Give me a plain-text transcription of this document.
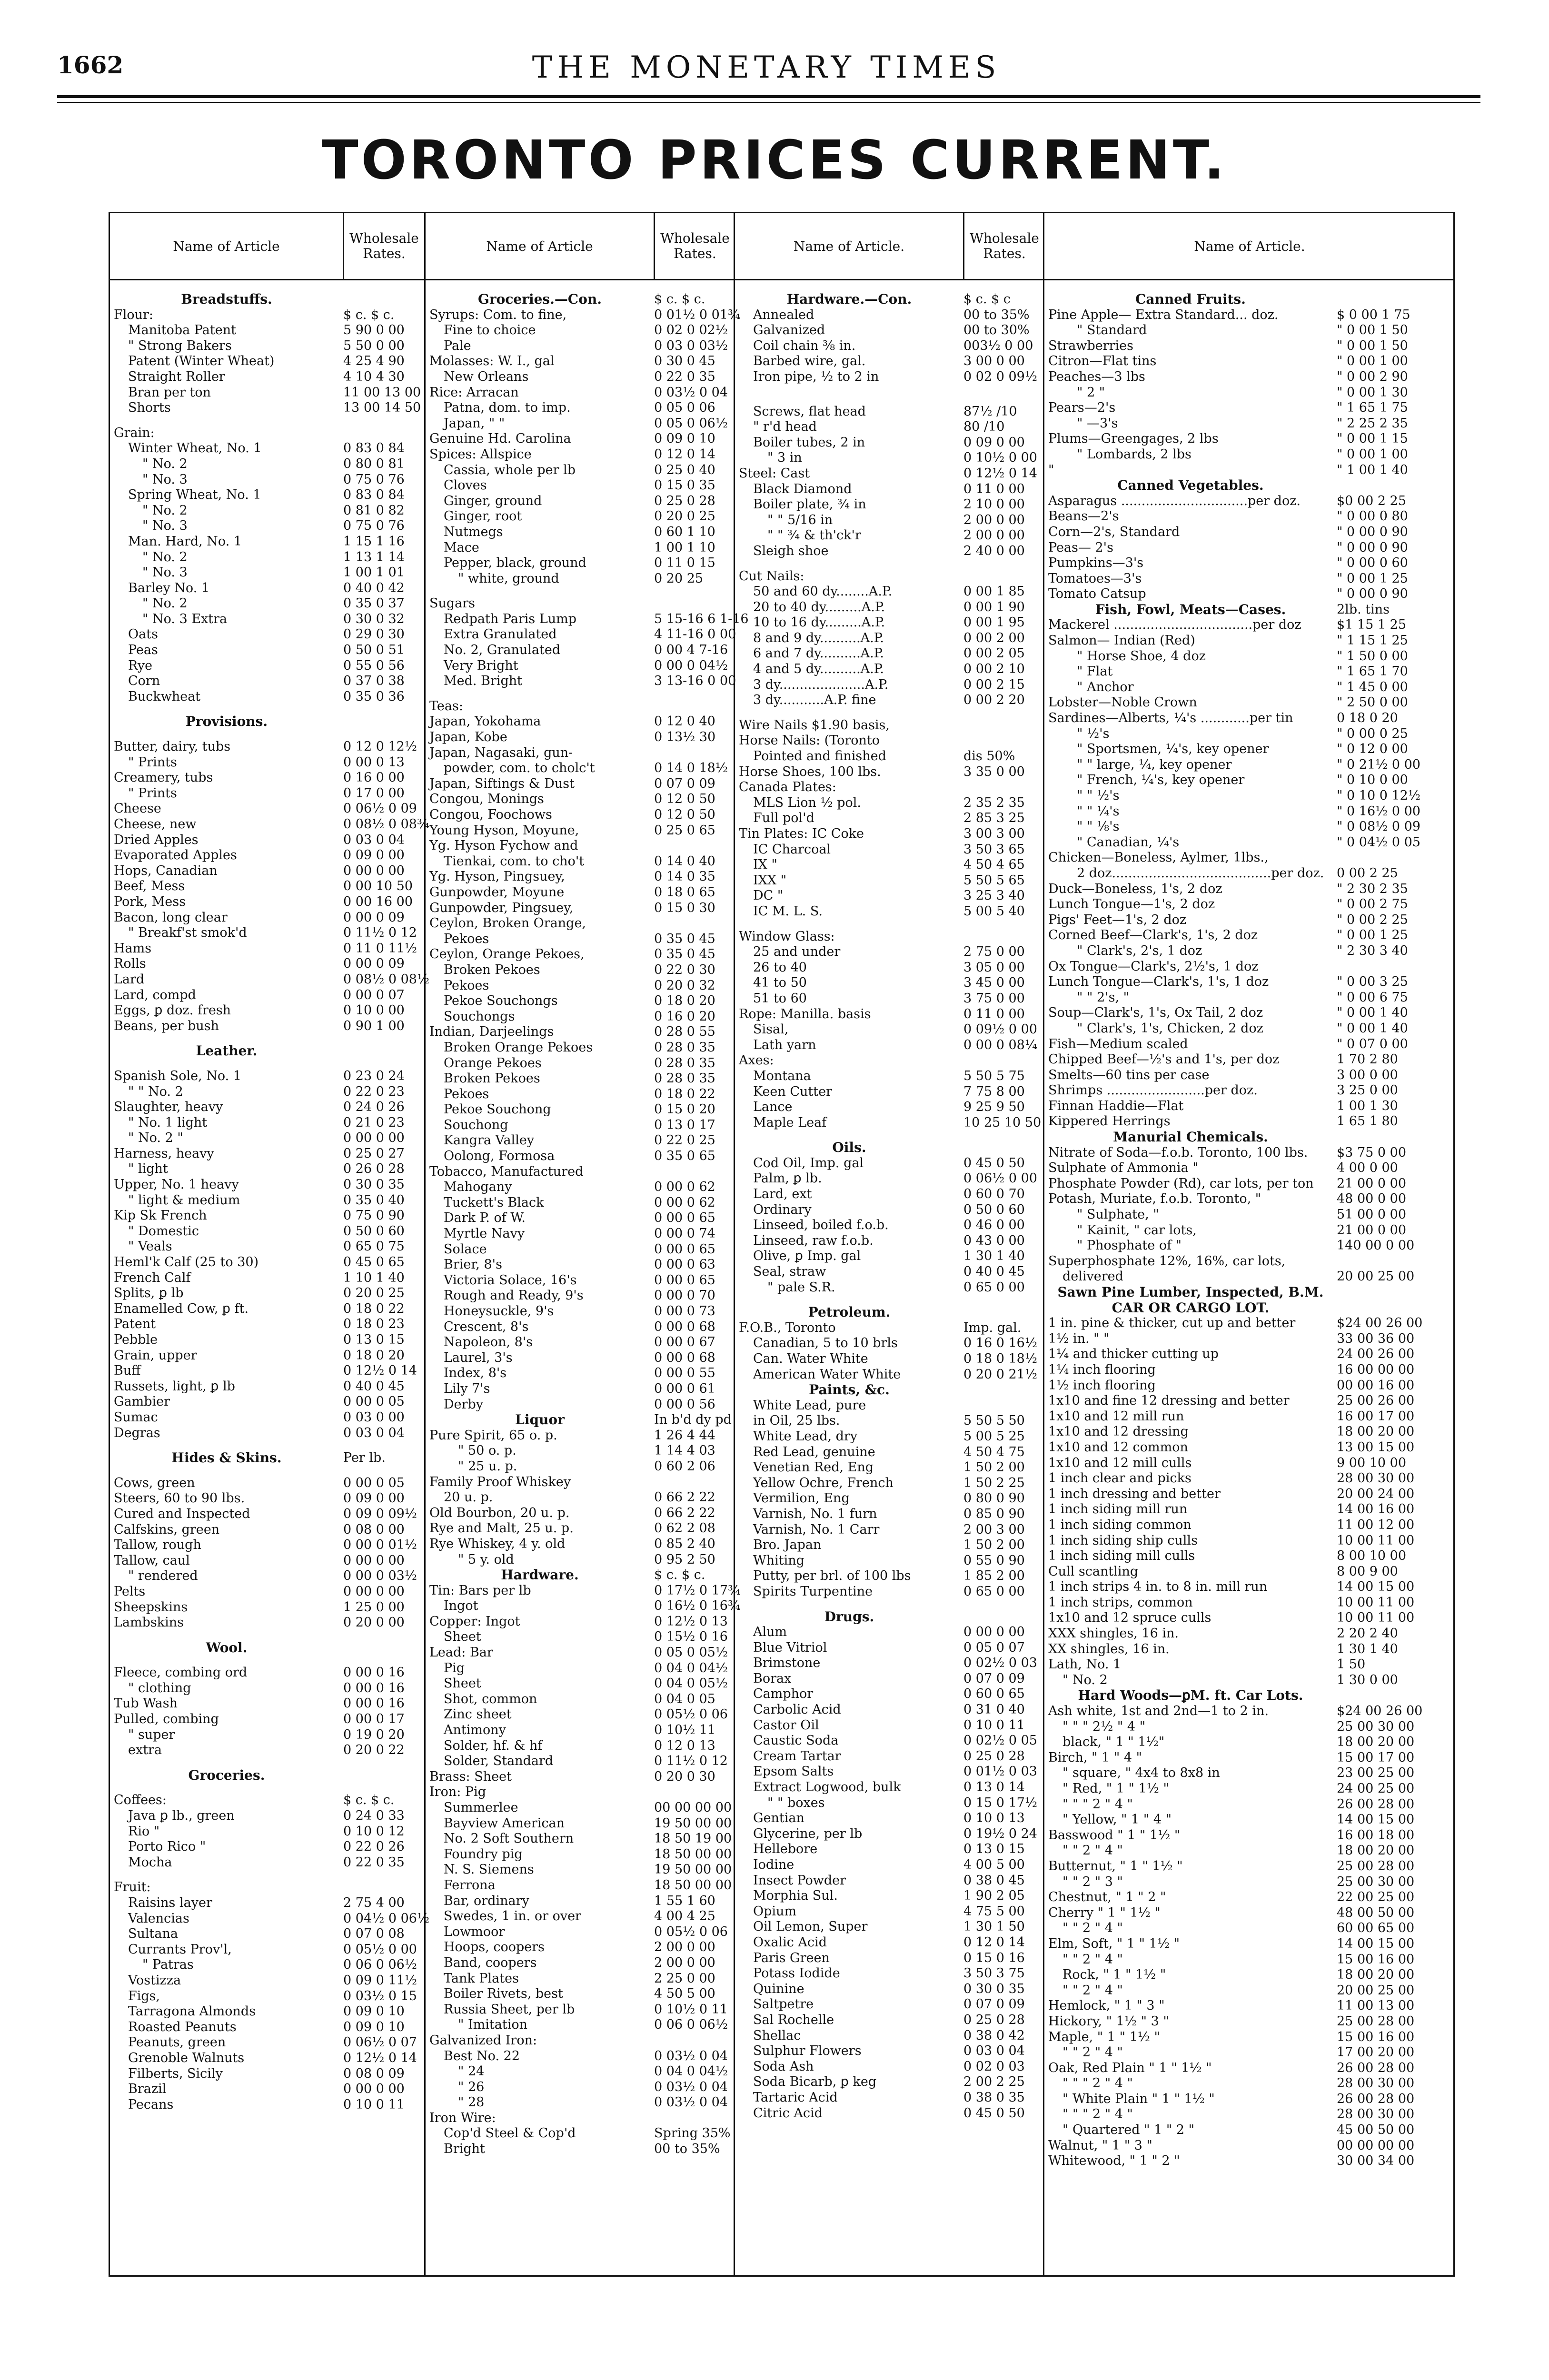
1662	THE MONETARY TIMES
TORONTO PRICES CURRENT.
Name of Article	Wholesale
Rates.
Breadstuffs.
Flour:	$ c. $ c.
Manitoba Patent	5 90 0 00
" Strong Bakers	5 50 0 00
Patent (Winter Wheat)	4 25 4 90
Straight Roller	4 10 4 30
Bran per ton	11 00 13 00
Shorts	13 00 14 50
Grain:
Winter Wheat, No. 1	0 83 0 84
" No. 2	0 80 0 81
" No. 3	0 75 0 76
Spring Wheat, No. 1	0 83 0 84
" No. 2	0 81 0 82
" No. 3	0 75 0 76
Man. Hard, No. 1	1 15 1 16
" No. 2	1 13 1 14
" No. 3	1 00 1 01
Barley No. 1	0 40 0 42
" No. 2	0 35 0 37
" No. 3 Extra	0 30 0 32
Oats	0 29 0 30
Peas	0 50 0 51
Rye	0 55 0 56
Corn	0 37 0 38
Buckwheat	0 35 0 36
Provisions.
Butter, dairy, tubs	0 12 0 12½
" Prints	0 00 0 13
Creamery, tubs	0 16 0 00
" Prints	0 17 0 00
Cheese	0 06½ 0 09
Cheese, new	0 08½ 0 08¾
Dried Apples	0 03 0 04
Evaporated Apples	0 09 0 00
Hops, Canadian	0 00 0 00
Beef, Mess	0 00 10 50
Pork, Mess	0 00 16 00
Bacon, long clear	0 00 0 09
" Breakf'st smok'd	0 11½ 0 12
Hams	0 11 0 11½
Rolls	0 00 0 09
Lard	0 08½ 0 08½
Lard, compd	0 00 0 07
Eggs, ꝑ doz. fresh	0 10 0 00
Beans, per bush	0 90 1 00
Leather.
Spanish Sole, No. 1	0 23 0 24
" " No. 2	0 22 0 23
Slaughter, heavy	0 24 0 26
" No. 1 light	0 21 0 23
" No. 2 "	0 00 0 00
Harness, heavy	0 25 0 27
" light	0 26 0 28
Upper, No. 1 heavy	0 30 0 35
" light & medium	0 35 0 40
Kip Sk French	0 75 0 90
" Domestic	0 50 0 60
" Veals	0 65 0 75
Heml'k Calf (25 to 30)	0 45 0 65
French Calf	1 10 1 40
Splits, ꝑ lb	0 20 0 25
Enamelled Cow, ꝑ ft.	0 18 0 22
Patent	0 18 0 23
Pebble	0 13 0 15
Grain, upper	0 18 0 20
Buff	0 12½ 0 14
Russets, light, ꝑ lb	0 40 0 45
Gambier	0 00 0 05
Sumac	0 03 0 00
Degras	0 03 0 04
Hides & Skins.	Per lb.
Cows, green	0 00 0 05
Steers, 60 to 90 lbs.	0 09 0 00
Cured and Inspected	0 09 0 09½
Calfskins, green	0 08 0 00
Tallow, rough	0 00 0 01½
Tallow, caul	0 00 0 00
" rendered	0 00 0 03½
Pelts	0 00 0 00
Sheepskins	1 25 0 00
Lambskins	0 20 0 00
Wool.
Fleece, combing ord	0 00 0 16
" clothing	0 00 0 16
Tub Wash	0 00 0 16
Pulled, combing	0 00 0 17
" super	0 19 0 20
extra	0 20 0 22
Groceries.
Coffees:	$ c. $ c.
Java ꝑ lb., green	0 24 0 33
Rio "	0 10 0 12
Porto Rico "	0 22 0 26
Mocha	0 22 0 35
Fruit:
Raisins layer	2 75 4 00
Valencias	0 04½ 0 06½
Sultana	0 07 0 08
Currants Prov'l,	0 05½ 0 00
" Patras	0 06 0 06½
Vostizza	0 09 0 11½
Figs,	0 03½ 0 15
Tarragona Almonds	0 09 0 10
Roasted Peanuts	0 09 0 10
Peanuts, green	0 06½ 0 07
Grenoble Walnuts	0 12½ 0 14
Filberts, Sicily	0 08 0 09
Brazil	0 00 0 00
Pecans	0 10 0 11
Name of Article	Wholesale
Rates.
Groceries.—Con.	$ c. $ c.
Syrups: Com. to fine,	0 01½ 0 01¾
Fine to choice	0 02 0 02½
Pale	0 03 0 03½
Molasses: W. I., gal	0 30 0 45
New Orleans	0 22 0 35
Rice: Arracan	0 03½ 0 04
Patna, dom. to imp.	0 05 0 06
Japan, " "	0 05 0 06½
Genuine Hd. Carolina	0 09 0 10
Spices: Allspice	0 12 0 14
Cassia, whole per lb	0 25 0 40
Cloves	0 15 0 35
Ginger, ground	0 25 0 28
Ginger, root	0 20 0 25
Nutmegs	0 60 1 10
Mace	1 00 1 10
Pepper, black, ground	0 11 0 15
" white, ground	0 20 25
Sugars
Redpath Paris Lump	5 15-16 6 1-16
Extra Granulated	4 11-16 0 00
No. 2, Granulated	0 00 4 7-16
Very Bright	0 00 0 04½
Med. Bright	3 13-16 0 00
Teas:
Japan, Yokohama	0 12 0 40
Japan, Kobe	0 13½ 30
Japan, Nagasaki, gun-
powder, com. to cholc't	0 14 0 18½
Japan, Siftings & Dust	0 07 0 09
Congou, Monings	0 12 0 50
Congou, Foochows	0 12 0 50
Young Hyson, Moyune,	0 25 0 65
Yg. Hyson Fychow and
Tienkai, com. to cho't	0 14 0 40
Yg. Hyson, Pingsuey,	0 14 0 35
Gunpowder, Moyune	0 18 0 65
Gunpowder, Pingsuey,	0 15 0 30
Ceylon, Broken Orange,
Pekoes	0 35 0 45
Ceylon, Orange Pekoes,	0 35 0 45
Broken Pekoes	0 22 0 30
Pekoes	0 20 0 32
Pekoe Souchongs	0 18 0 20
Souchongs	0 16 0 20
Indian, Darjeelings	0 28 0 55
Broken Orange Pekoes	0 28 0 35
Orange Pekoes	0 28 0 35
Broken Pekoes	0 28 0 35
Pekoes	0 18 0 22
Pekoe Souchong	0 15 0 20
Souchong	0 13 0 17
Kangra Valley	0 22 0 25
Oolong, Formosa	0 35 0 65
Tobacco, Manufactured
Mahogany	0 00 0 62
Tuckett's Black	0 00 0 62
Dark P. of W.	0 00 0 65
Myrtle Navy	0 00 0 74
Solace	0 00 0 65
Brier, 8's	0 00 0 63
Victoria Solace, 16's	0 00 0 65
Rough and Ready, 9's	0 00 0 70
Honeysuckle, 9's	0 00 0 73
Crescent, 8's	0 00 0 68
Napoleon, 8's	0 00 0 67
Laurel, 3's	0 00 0 68
Index, 8's	0 00 0 55
Lily 7's	0 00 0 61
Derby	0 00 0 56
Liquor	In b'd dy pd
Pure Spirit, 65 o. p.	1 26 4 44
" 50 o. p.	1 14 4 03
" 25 u. p.	0 60 2 06
Family Proof Whiskey
20 u. p.	0 66 2 22
Old Bourbon, 20 u. p.	0 66 2 22
Rye and Malt, 25 u. p.	0 62 2 08
Rye Whiskey, 4 y. old	0 85 2 40
" 5 y. old	0 95 2 50
Hardware.	$ c. $ c.
Tin: Bars per lb	0 17½ 0 17¾
Ingot	0 16½ 0 16¾
Copper: Ingot	0 12½ 0 13
Sheet	0 15½ 0 16
Lead: Bar	0 05 0 05½
Pig	0 04 0 04½
Sheet	0 04 0 05½
Shot, common	0 04 0 05
Zinc sheet	0 05½ 0 06
Antimony	0 10½ 11
Solder, hf. & hf	0 12 0 13
Solder, Standard	0 11½ 0 12
Brass: Sheet	0 20 0 30
Iron: Pig
Summerlee	00 00 00 00
Bayview American	19 50 00 00
No. 2 Soft Southern	18 50 19 00
Foundry pig	18 50 00 00
N. S. Siemens	19 50 00 00
Ferrona	18 50 00 00
Bar, ordinary	1 55 1 60
Swedes, 1 in. or over	4 00 4 25
Lowmoor	0 05½ 0 06
Hoops, coopers	2 00 0 00
Band, coopers	2 00 0 00
Tank Plates	2 25 0 00
Boiler Rivets, best	4 50 5 00
Russia Sheet, per lb	0 10½ 0 11
" Imitation	0 06 0 06½
Galvanized Iron:
Best No. 22	0 03½ 0 04
" 24	0 04 0 04½
" 26	0 03½ 0 04
" 28	0 03½ 0 04
Iron Wire:
Cop'd Steel & Cop'd	Spring 35%
Bright	00 to 35%
Name of Article.	Wholesale
Rates.
Hardware.—Con.	$ c. $ c
Annealed	00 to 35%
Galvanized	00 to 30%
Coil chain ⅜ in.	003½ 0 00
Barbed wire, gal.	3 00 0 00
Iron pipe, ½ to 2 in	0 02 0 09½
Screws, flat head	87½ /10
" r'd head	80 /10
Boiler tubes, 2 in	0 09 0 00
" 3 in	0 10½ 0 00
Steel: Cast	0 12½ 0 14
Black Diamond	0 11 0 00
Boiler plate, ¾ in	2 10 0 00
" " 5/16 in	2 00 0 00
" " ¾ & th'ck'r	2 00 0 00
Sleigh shoe	2 40 0 00
Cut Nails:
50 and 60 dy........A.P.	0 00 1 85
20 to 40 dy.........A.P.	0 00 1 90
10 to 16 dy.........A.P.	0 00 1 95
8 and 9 dy..........A.P.	0 00 2 00
6 and 7 dy..........A.P.	0 00 2 05
4 and 5 dy..........A.P.	0 00 2 10
3 dy.....................A.P.	0 00 2 15
3 dy...........A.P. fine	0 00 2 20
Wire Nails $1.90 basis,
Horse Nails: (Toronto
Pointed and finished	dis 50%
Horse Shoes, 100 lbs.	3 35 0 00
Canada Plates:
MLS Lion ½ pol.	2 35 2 35
Full pol'd	2 85 3 25
Tin Plates: IC Coke	3 00 3 00
IC Charcoal	3 50 3 65
IX "	4 50 4 65
IXX "	5 50 5 65
DC "	3 25 3 40
IC M. L. S.	5 00 5 40
Window Glass:
25 and under	2 75 0 00
26 to 40	3 05 0 00
41 to 50	3 45 0 00
51 to 60	3 75 0 00
Rope: Manilla. basis	0 11 0 00
Sisal,	0 09½ 0 00
Lath yarn	0 00 0 08¼
Axes:
Montana	5 50 5 75
Keen Cutter	7 75 8 00
Lance	9 25 9 50
Maple Leaf	10 25 10 50
Oils.
Cod Oil, Imp. gal	0 45 0 50
Palm, ꝑ lb.	0 06½ 0 00
Lard, ext	0 60 0 70
Ordinary	0 50 0 60
Linseed, boiled f.o.b.	0 46 0 00
Linseed, raw f.o.b.	0 43 0 00
Olive, ꝑ Imp. gal	1 30 1 40
Seal, straw	0 40 0 45
" pale S.R.	0 65 0 00
Petroleum.
F.O.B., Toronto	Imp. gal.
Canadian, 5 to 10 brls	0 16 0 16½
Can. Water White	0 18 0 18½
American Water White	0 20 0 21½
Paints, &c.
White Lead, pure
in Oil, 25 lbs.	5 50 5 50
White Lead, dry	5 00 5 25
Red Lead, genuine	4 50 4 75
Venetian Red, Eng	1 50 2 00
Yellow Ochre, French	1 50 2 25
Vermilion, Eng	0 80 0 90
Varnish, No. 1 furn	0 85 0 90
Varnish, No. 1 Carr	2 00 3 00
Bro. Japan	1 50 2 00
Whiting	0 55 0 90
Putty, per brl. of 100 lbs	1 85 2 00
Spirits Turpentine	0 65 0 00
Drugs.
Alum	0 00 0 00
Blue Vitriol	0 05 0 07
Brimstone	0 02½ 0 03
Borax	0 07 0 09
Camphor	0 60 0 65
Carbolic Acid	0 31 0 40
Castor Oil	0 10 0 11
Caustic Soda	0 02½ 0 05
Cream Tartar	0 25 0 28
Epsom Salts	0 01½ 0 03
Extract Logwood, bulk	0 13 0 14
" " boxes	0 15 0 17½
Gentian	0 10 0 13
Glycerine, per lb	0 19½ 0 24
Hellebore	0 13 0 15
Iodine	4 00 5 00
Insect Powder	0 38 0 45
Morphia Sul.	1 90 2 05
Opium	4 75 5 00
Oil Lemon, Super	1 30 1 50
Oxalic Acid	0 12 0 14
Paris Green	0 15 0 16
Potass Iodide	3 50 3 75
Quinine	0 30 0 35
Saltpetre	0 07 0 09
Sal Rochelle	0 25 0 28
Shellac	0 38 0 42
Sulphur Flowers	0 03 0 04
Soda Ash	0 02 0 03
Soda Bicarb, ꝑ keg	2 00 2 25
Tartaric Acid	0 38 0 35
Citric Acid	0 45 0 50
Name of Article.
Canned Fruits.
Pine Apple— Extra Standard... doz.	$ 0 00 1 75
" Standard	" 0 00 1 50
Strawberries	" 0 00 1 50
Citron—Flat tins	" 0 00 1 00
Peaches—3 lbs	" 0 00 2 90
" 2 "	" 0 00 1 30
Pears—2's	" 1 65 1 75
" —3's	" 2 25 2 35
Plums—Greengages, 2 lbs	" 0 00 1 15
" Lombards, 2 lbs	" 0 00 1 00
"	" 1 00 1 40
Canned Vegetables.
Asparagus ...............................per doz.	$0 00 2 25
Beans—2's	" 0 00 0 80
Corn—2's, Standard	" 0 00 0 90
Peas— 2's	" 0 00 0 90
Pumpkins—3's	" 0 00 0 60
Tomatoes—3's	" 0 00 1 25
Tomato Catsup	" 0 00 0 90
Fish, Fowl, Meats—Cases.	2lb. tins
Mackerel ..................................per doz	$1 15 1 25
Salmon— Indian (Red)	" 1 15 1 25
" Horse Shoe, 4 doz	" 1 50 0 00
" Flat	" 1 65 1 70
" Anchor	" 1 45 0 00
Lobster—Noble Crown	" 2 50 0 00
Sardines—Alberts, ¼'s ............per tin	0 18 0 20
" ½'s	" 0 00 0 25
" Sportsmen, ¼'s, key opener	" 0 12 0 00
" " large, ¼, key opener	" 0 21½ 0 00
" French, ¼'s, key opener	" 0 10 0 00
" " ½'s	" 0 10 0 12½
" " ¼'s	" 0 16½ 0 00
" " ⅛'s	" 0 08½ 0 09
" Canadian, ¼'s	" 0 04½ 0 05
Chicken—Boneless, Aylmer, 1lbs.,
2 doz.......................................per doz. 0 00 2 25
Duck—Boneless, 1's, 2 doz	" 2 30 2 35
Lunch Tongue—1's, 2 doz	" 0 00 2 75
Pigs' Feet—1's, 2 doz	" 0 00 2 25
Corned Beef—Clark's, 1's, 2 doz	" 0 00 1 25
" Clark's, 2's, 1 doz	" 2 30 3 40
Ox Tongue—Clark's, 2½'s, 1 doz
Lunch Tongue—Clark's, 1's, 1 doz	" 0 00 3 25
" " 2's, "	" 0 00 6 75
Soup—Clark's, 1's, Ox Tail, 2 doz	" 0 00 1 40
" Clark's, 1's, Chicken, 2 doz	" 0 00 1 40
Fish—Medium scaled	" 0 07 0 00
Chipped Beef—½'s and 1's, per doz	1 70 2 80
Smelts—60 tins per case	3 00 0 00
Shrimps ........................per doz.	3 25 0 00
Finnan Haddie—Flat	1 00 1 30
Kippered Herrings	1 65 1 80
Manurial Chemicals.
Nitrate of Soda—f.o.b. Toronto, 100 lbs.	$3 75 0 00
Sulphate of Ammonia "	4 00 0 00
Phosphate Powder (Rd), car lots, per ton	21 00 0 00
Potash, Muriate, f.o.b. Toronto, "	48 00 0 00
" Sulphate, "	51 00 0 00
" Kainit, " car lots,	21 00 0 00
" Phosphate of "	140 00 0 00
Superphosphate 12%, 16%, car lots,
delivered	20 00 25 00
Sawn Pine Lumber, Inspected, B.M.
CAR OR CARGO LOT.
1 in. pine & thicker, cut up and better	$24 00 26 00
1½ in. " "	33 00 36 00
1¼ and thicker cutting up	24 00 26 00
1¼ inch flooring	16 00 00 00
1½ inch flooring	00 00 16 00
1x10 and fine 12 dressing and better	25 00 26 00
1x10 and 12 mill run	16 00 17 00
1x10 and 12 dressing	18 00 20 00
1x10 and 12 common	13 00 15 00
1x10 and 12 mill culls	9 00 10 00
1 inch clear and picks	28 00 30 00
1 inch dressing and better	20 00 24 00
1 inch siding mill run	14 00 16 00
1 inch siding common	11 00 12 00
1 inch siding ship culls	10 00 11 00
1 inch siding mill culls	8 00 10 00
Cull scantling	8 00 9 00
1 inch strips 4 in. to 8 in. mill run	14 00 15 00
1 inch strips, common	10 00 11 00
1x10 and 12 spruce culls	10 00 11 00
XXX shingles, 16 in.	2 20 2 40
XX shingles, 16 in.	1 30 1 40
Lath, No. 1	1 50
" No. 2	1 30 0 00
Hard Woods—ꝑM. ft. Car Lots.
Ash white, 1st and 2nd—1 to 2 in.	$24 00 26 00
" " " 2½ " 4 "	25 00 30 00
black, " 1 " 1½"	18 00 20 00
Birch, " 1 " 4 "	15 00 17 00
" square, " 4x4 to 8x8 in	23 00 25 00
" Red, " 1 " 1½ "	24 00 25 00
" " " 2 " 4 "	26 00 28 00
" Yellow, " 1 " 4 "	14 00 15 00
Basswood " 1 " 1½ "	16 00 18 00
" " 2 " 4 "	18 00 20 00
Butternut, " 1 " 1½ "	25 00 28 00
" " 2 " 3 "	25 00 30 00
Chestnut, " 1 " 2 "	22 00 25 00
Cherry " 1 " 1½ "	48 00 50 00
" " 2 " 4 "	60 00 65 00
Elm, Soft, " 1 " 1½ "	14 00 15 00
" " 2 " 4 "	15 00 16 00
Rock, " 1 " 1½ "	18 00 20 00
" " 2 " 4 "	20 00 25 00
Hemlock, " 1 " 3 "	11 00 13 00
Hickory, " 1½ " 3 "	25 00 28 00
Maple, " 1 " 1½ "	15 00 16 00
" " 2 " 4 "	17 00 20 00
Oak, Red Plain " 1 " 1½ "	26 00 28 00
" " " 2 " 4 "	28 00 30 00
" White Plain " 1 " 1½ "	26 00 28 00
" " " 2 " 4 "	28 00 30 00
" Quartered " 1 " 2 "	45 00 50 00
Walnut, " 1 " 3 "	00 00 00 00
Whitewood, " 1 " 2 "	30 00 34 00
